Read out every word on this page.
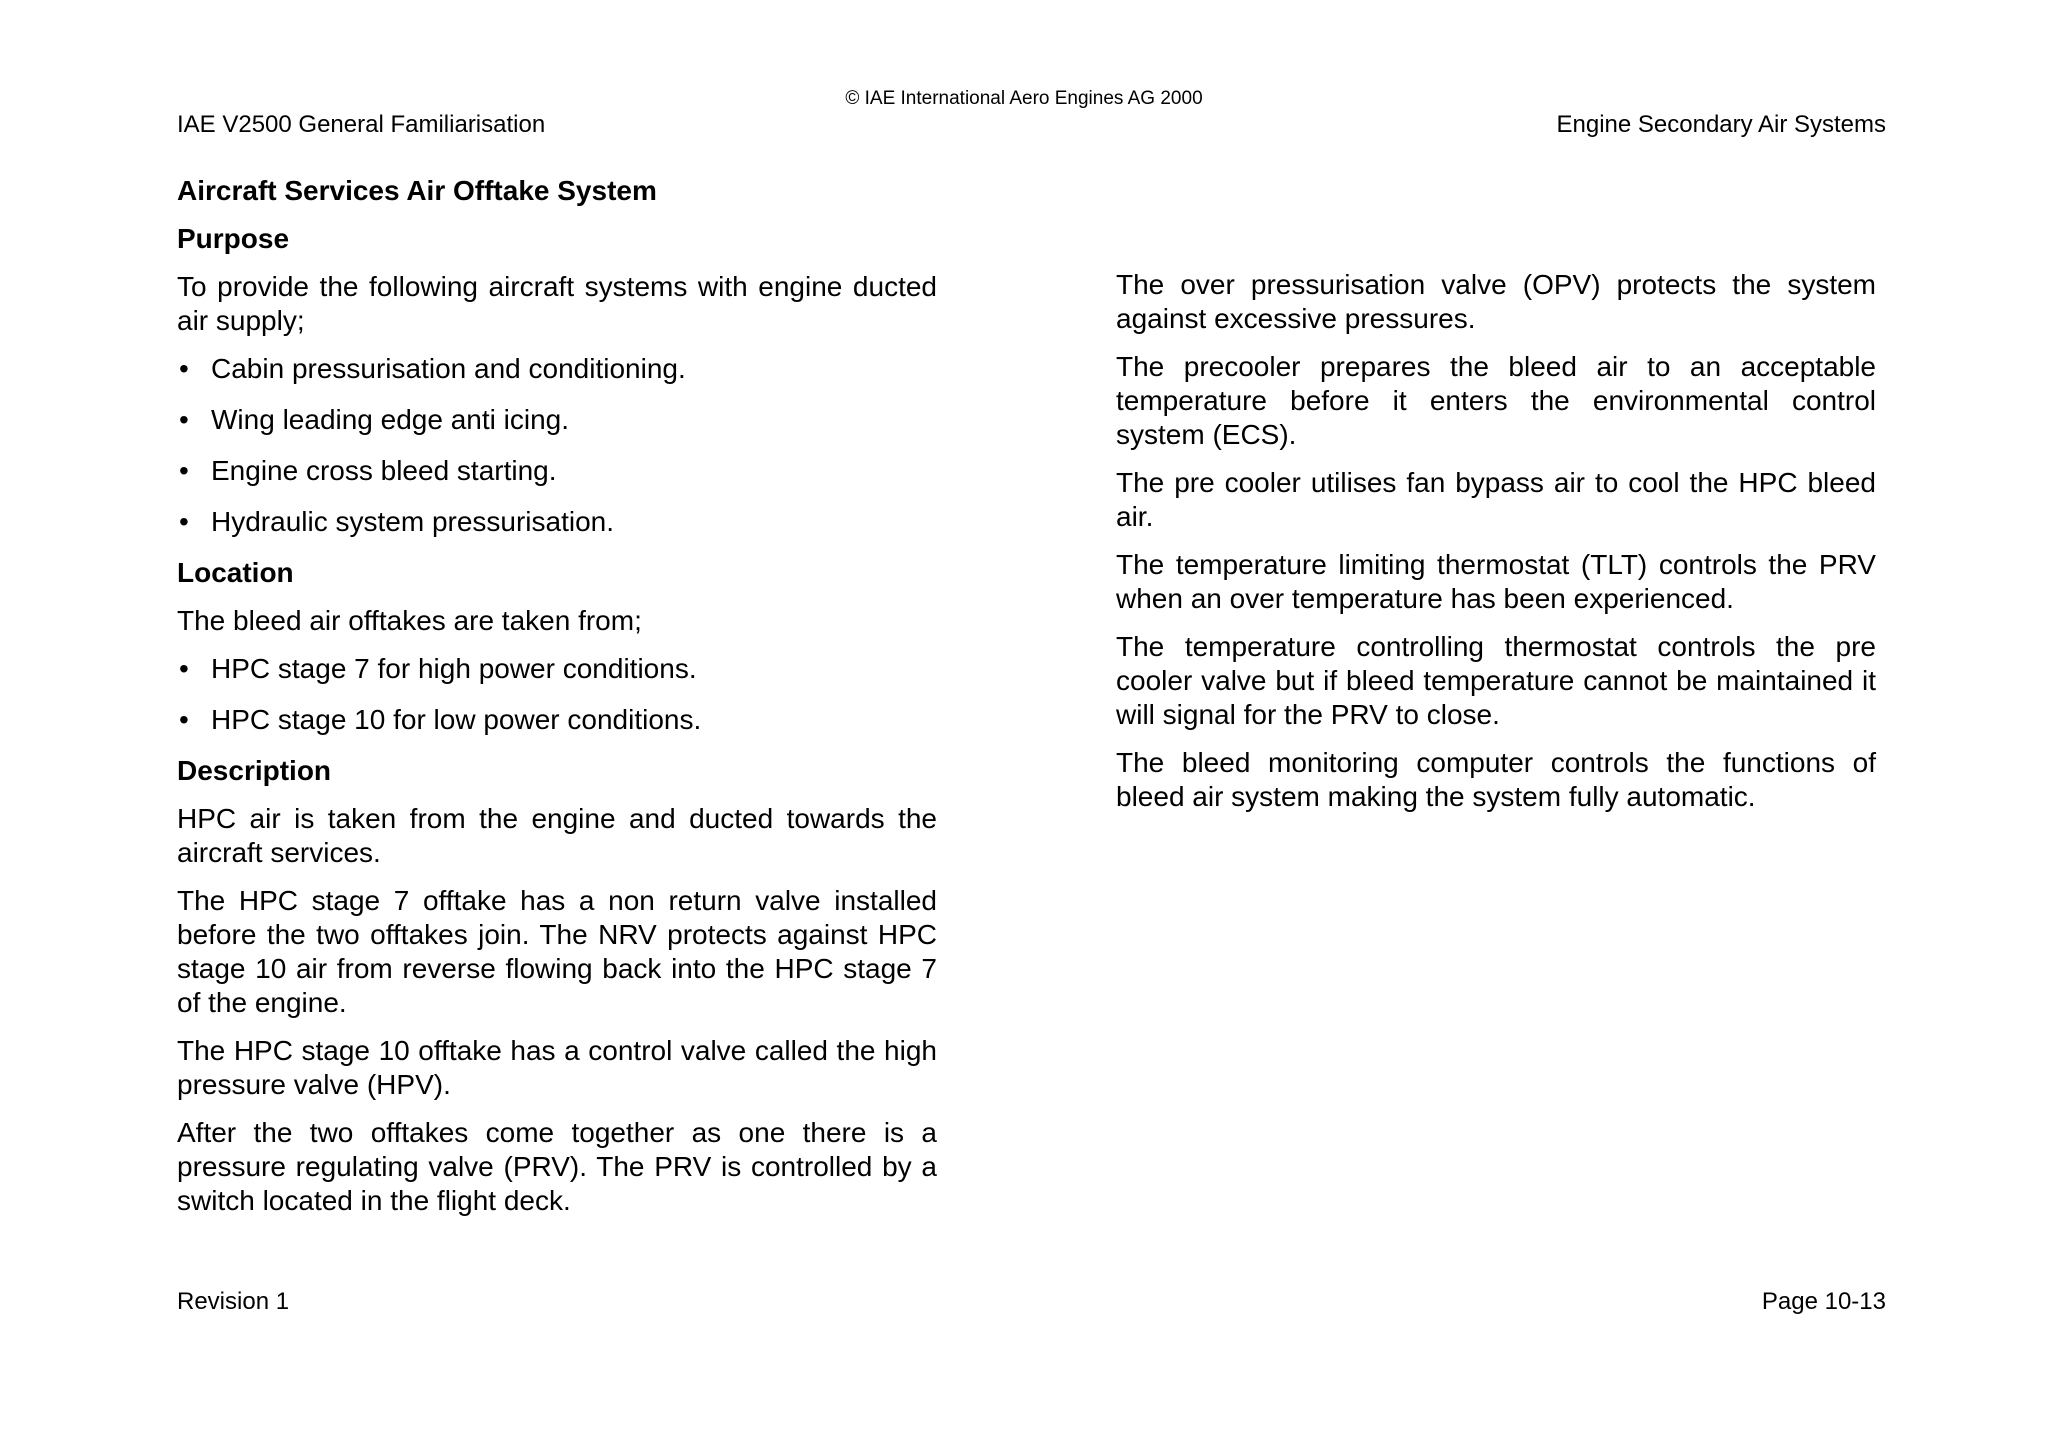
© IAE International Aero Engines AG 2000
IAE V2500 General Familiarisation	Engine Secondary Air Systems
Aircraft Services Air Offtake System
Purpose
To provide the following aircraft systems with engine ducted air supply;
• Cabin pressurisation and conditioning.
• Wing leading edge anti icing.
• Engine cross bleed starting.
• Hydraulic system pressurisation.
Location
The bleed air offtakes are taken from;
• HPC stage 7 for high power conditions.
• HPC stage 10 for low power conditions.
Description
HPC air is taken from the engine and ducted towards the aircraft services.
The HPC stage 7 offtake has a non return valve installed before the two offtakes join. The NRV protects against HPC stage 10 air from reverse flowing back into the HPC stage 7 of the engine.
The HPC stage 10 offtake has a control valve called the high pressure valve (HPV).
After the two offtakes come together as one there is a pressure regulating valve (PRV). The PRV is controlled by a switch located in the flight deck.
The over pressurisation valve (OPV) protects the system against excessive pressures.
The precooler prepares the bleed air to an acceptable temperature before it enters the environmental control system (ECS).
The pre cooler utilises fan bypass air to cool the HPC bleed air.
The temperature limiting thermostat (TLT) controls the PRV when an over temperature has been experienced.
The temperature controlling thermostat controls the pre cooler valve but if bleed temperature cannot be maintained it will signal for the PRV to close.
The bleed monitoring computer controls the functions of bleed air system making the system fully automatic.
Revision 1	Page 10-13
